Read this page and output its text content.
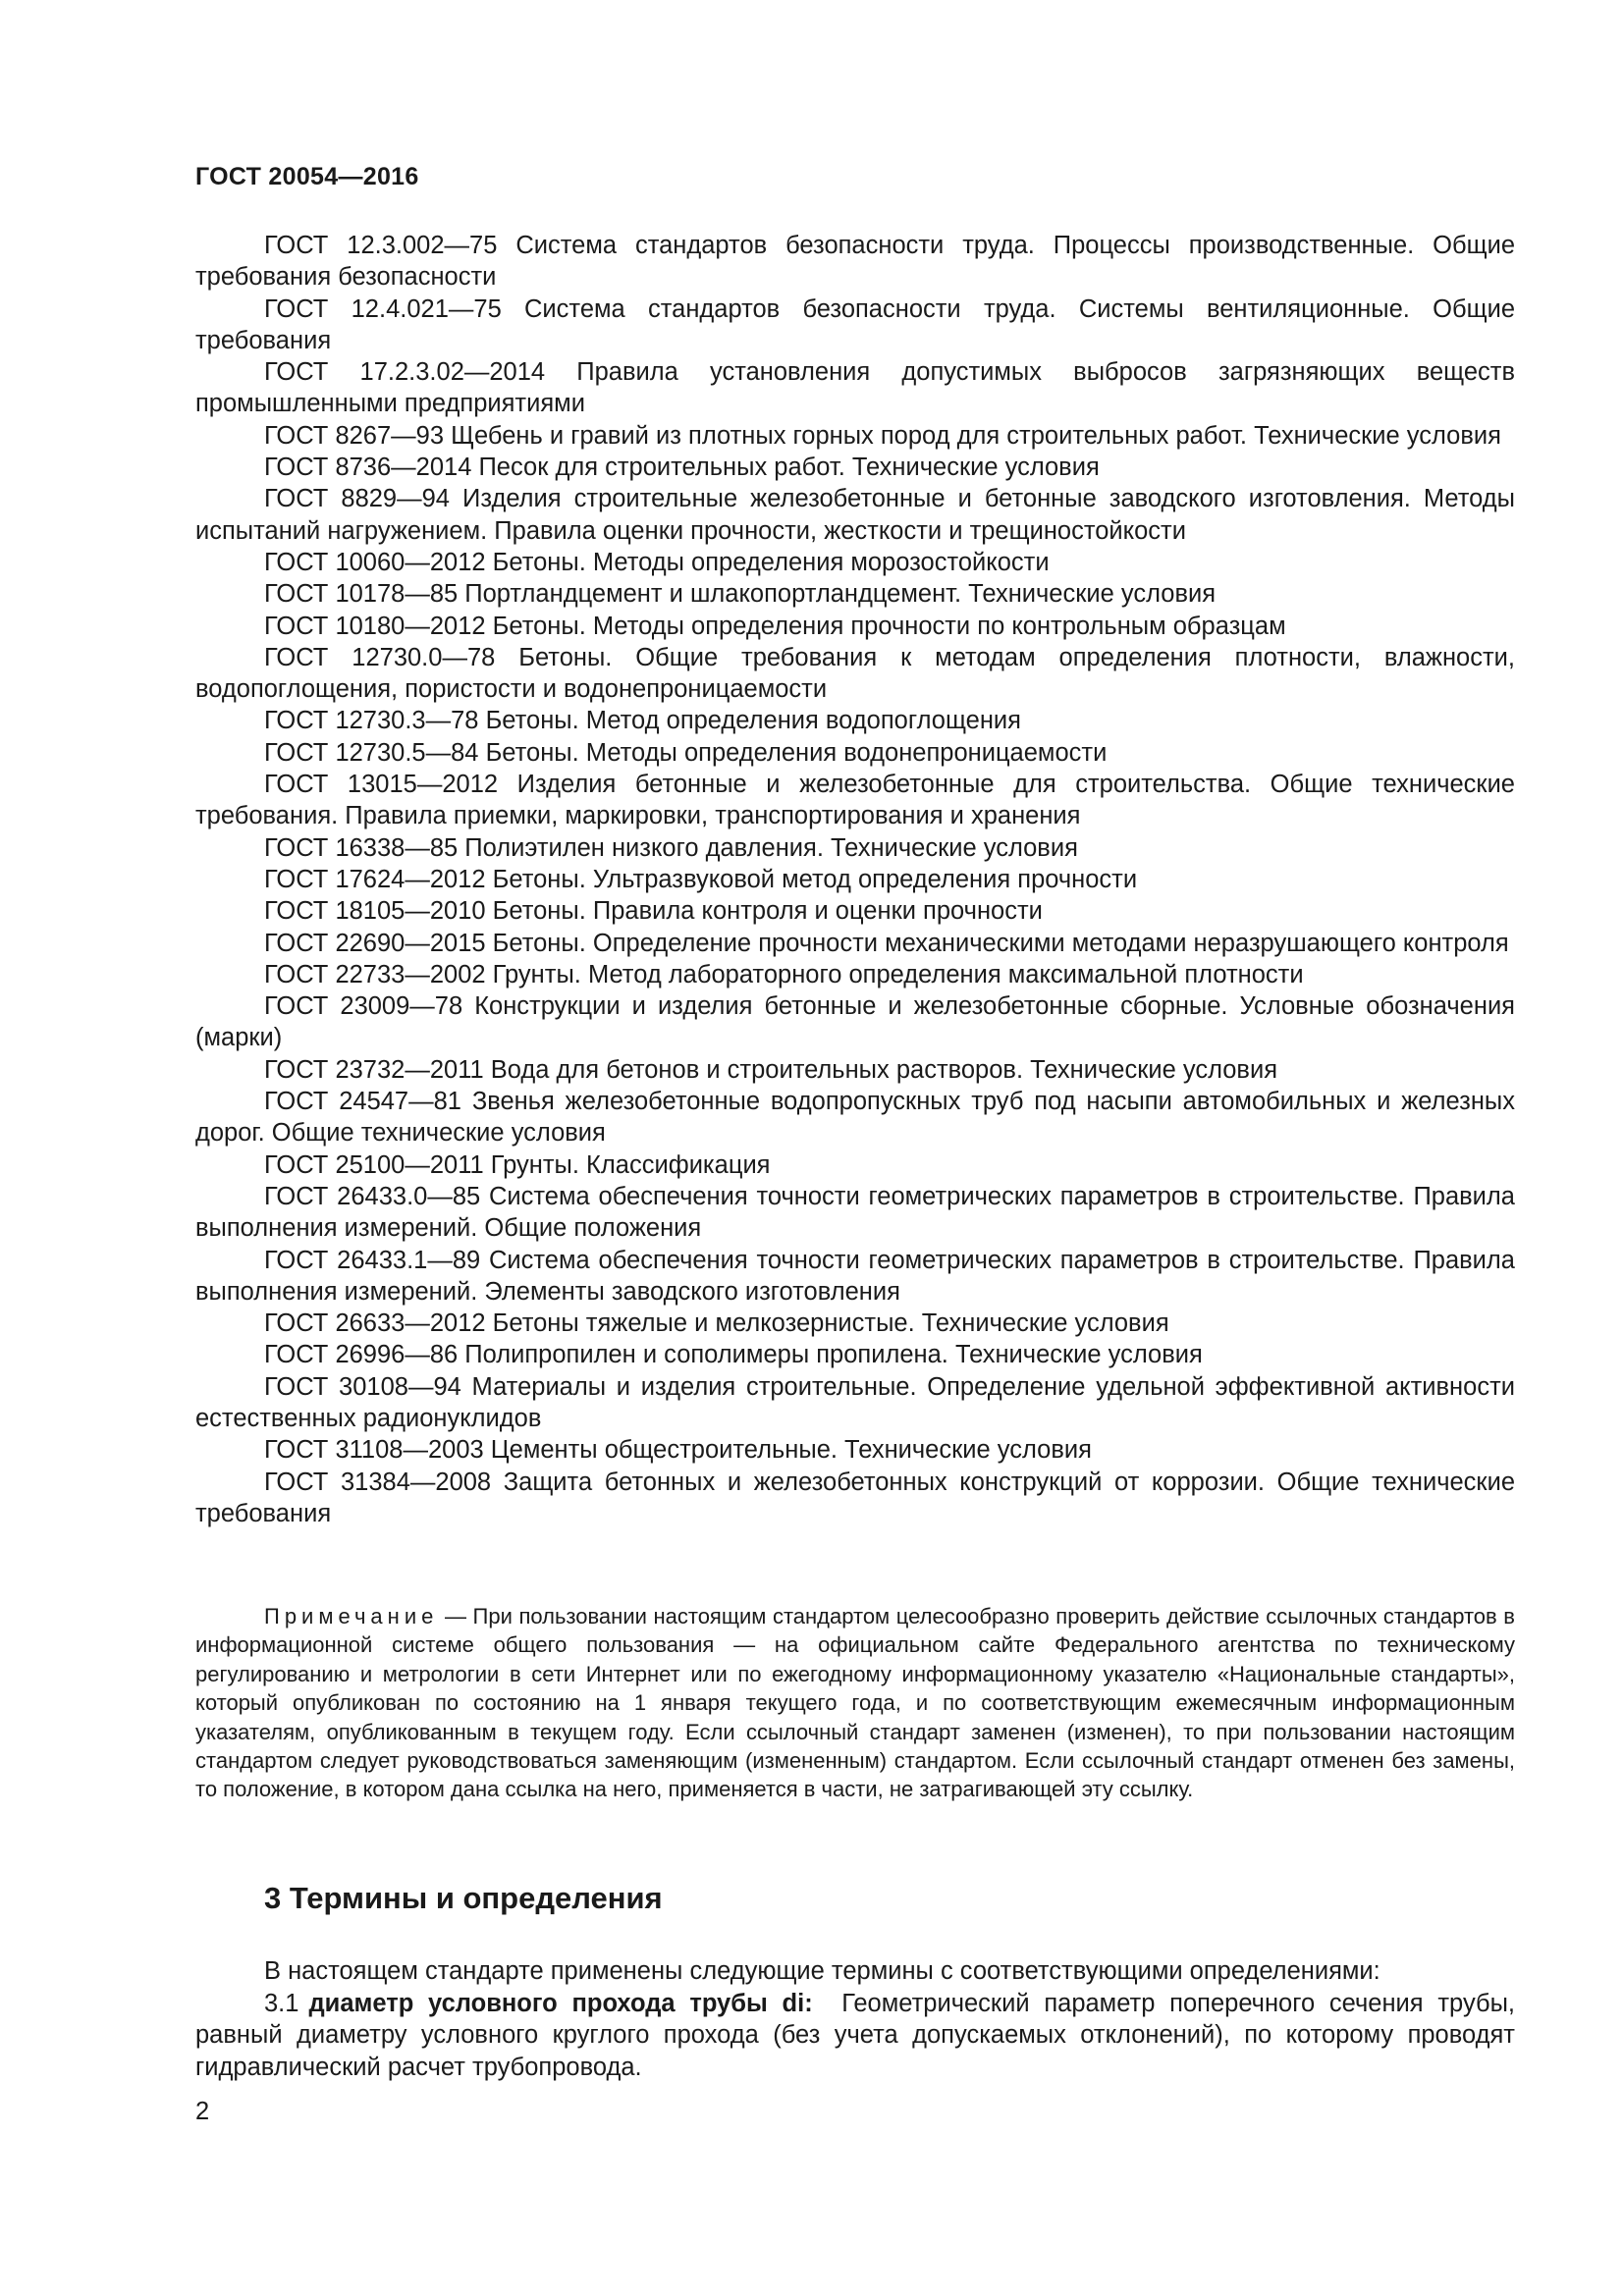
ГОСТ 20054—2016

ГОСТ 12.3.002—75 Система стандартов безопасности труда. Процессы производственные. Общие требования безопасности

ГОСТ 12.4.021—75 Система стандартов безопасности труда. Системы вентиляционные. Общие требования

ГОСТ 17.2.3.02—2014 Правила установления допустимых выбросов загрязняющих веществ промышленными предприятиями

ГОСТ 8267—93 Щебень и гравий из плотных горных пород для строительных работ. Технические условия

ГОСТ 8736—2014 Песок для строительных работ. Технические условия

ГОСТ 8829—94 Изделия строительные железобетонные и бетонные заводского изготовления. Методы испытаний нагружением. Правила оценки прочности, жесткости и трещиностойкости

ГОСТ 10060—2012 Бетоны. Методы определения морозостойкости

ГОСТ 10178—85 Портландцемент и шлакопортландцемент. Технические условия

ГОСТ 10180—2012 Бетоны. Методы определения прочности по контрольным образцам

ГОСТ 12730.0—78 Бетоны. Общие требования к методам определения плотности, влажности, водопоглощения, пористости и водонепроницаемости

ГОСТ 12730.3—78 Бетоны. Метод определения водопоглощения

ГОСТ 12730.5—84 Бетоны. Методы определения водонепроницаемости

ГОСТ 13015—2012 Изделия бетонные и железобетонные для строительства. Общие технические требования. Правила приемки, маркировки, транспортирования и хранения

ГОСТ 16338—85 Полиэтилен низкого давления. Технические условия

ГОСТ 17624—2012 Бетоны. Ультразвуковой метод определения прочности

ГОСТ 18105—2010 Бетоны. Правила контроля и оценки прочности

ГОСТ 22690—2015 Бетоны. Определение прочности механическими методами неразрушающего контроля

ГОСТ 22733—2002 Грунты. Метод лабораторного определения максимальной плотности

ГОСТ 23009—78 Конструкции и изделия бетонные и железобетонные сборные. Условные обозначения (марки)

ГОСТ 23732—2011 Вода для бетонов и строительных растворов. Технические условия

ГОСТ 24547—81 Звенья железобетонные водопропускных труб под насыпи автомобильных и железных дорог. Общие технические условия

ГОСТ 25100—2011 Грунты. Классификация

ГОСТ 26433.0—85 Система обеспечения точности геометрических параметров в строительстве. Правила выполнения измерений. Общие положения

ГОСТ 26433.1—89 Система обеспечения точности геометрических параметров в строительстве. Правила выполнения измерений. Элементы заводского изготовления

ГОСТ 26633—2012 Бетоны тяжелые и мелкозернистые. Технические условия

ГОСТ 26996—86 Полипропилен и сополимеры пропилена. Технические условия

ГОСТ 30108—94 Материалы и изделия строительные. Определение удельной эффективной активности естественных радионуклидов

ГОСТ 31108—2003 Цементы общестроительные. Технические условия

ГОСТ 31384—2008 Защита бетонных и железобетонных конструкций от коррозии. Общие технические требования

Примечание — При пользовании настоящим стандартом целесообразно проверить действие ссылочных стандартов в информационной системе общего пользования — на официальном сайте Федерального агентства по техническому регулированию и метрологии в сети Интернет или по ежегодному информационному указателю «Национальные стандарты», который опубликован по состоянию на 1 января текущего года, и по соответствующим ежемесячным информационным указателям, опубликованным в текущем году. Если ссылочный стандарт заменен (изменен), то при пользовании настоящим стандартом следует руководствоваться заменяющим (измененным) стандартом. Если ссылочный стандарт отменен без замены, то положение, в котором дана ссылка на него, применяется в части, не затрагивающей эту ссылку.

3 Термины и определения

В настоящем стандарте применены следующие термины с соответствующими определениями:

3.1 диаметр условного прохода трубы di: Геометрический параметр поперечного сечения трубы, равный диаметру условного круглого прохода (без учета допускаемых отклонений), по которому проводят гидравлический расчет трубопровода.

2
